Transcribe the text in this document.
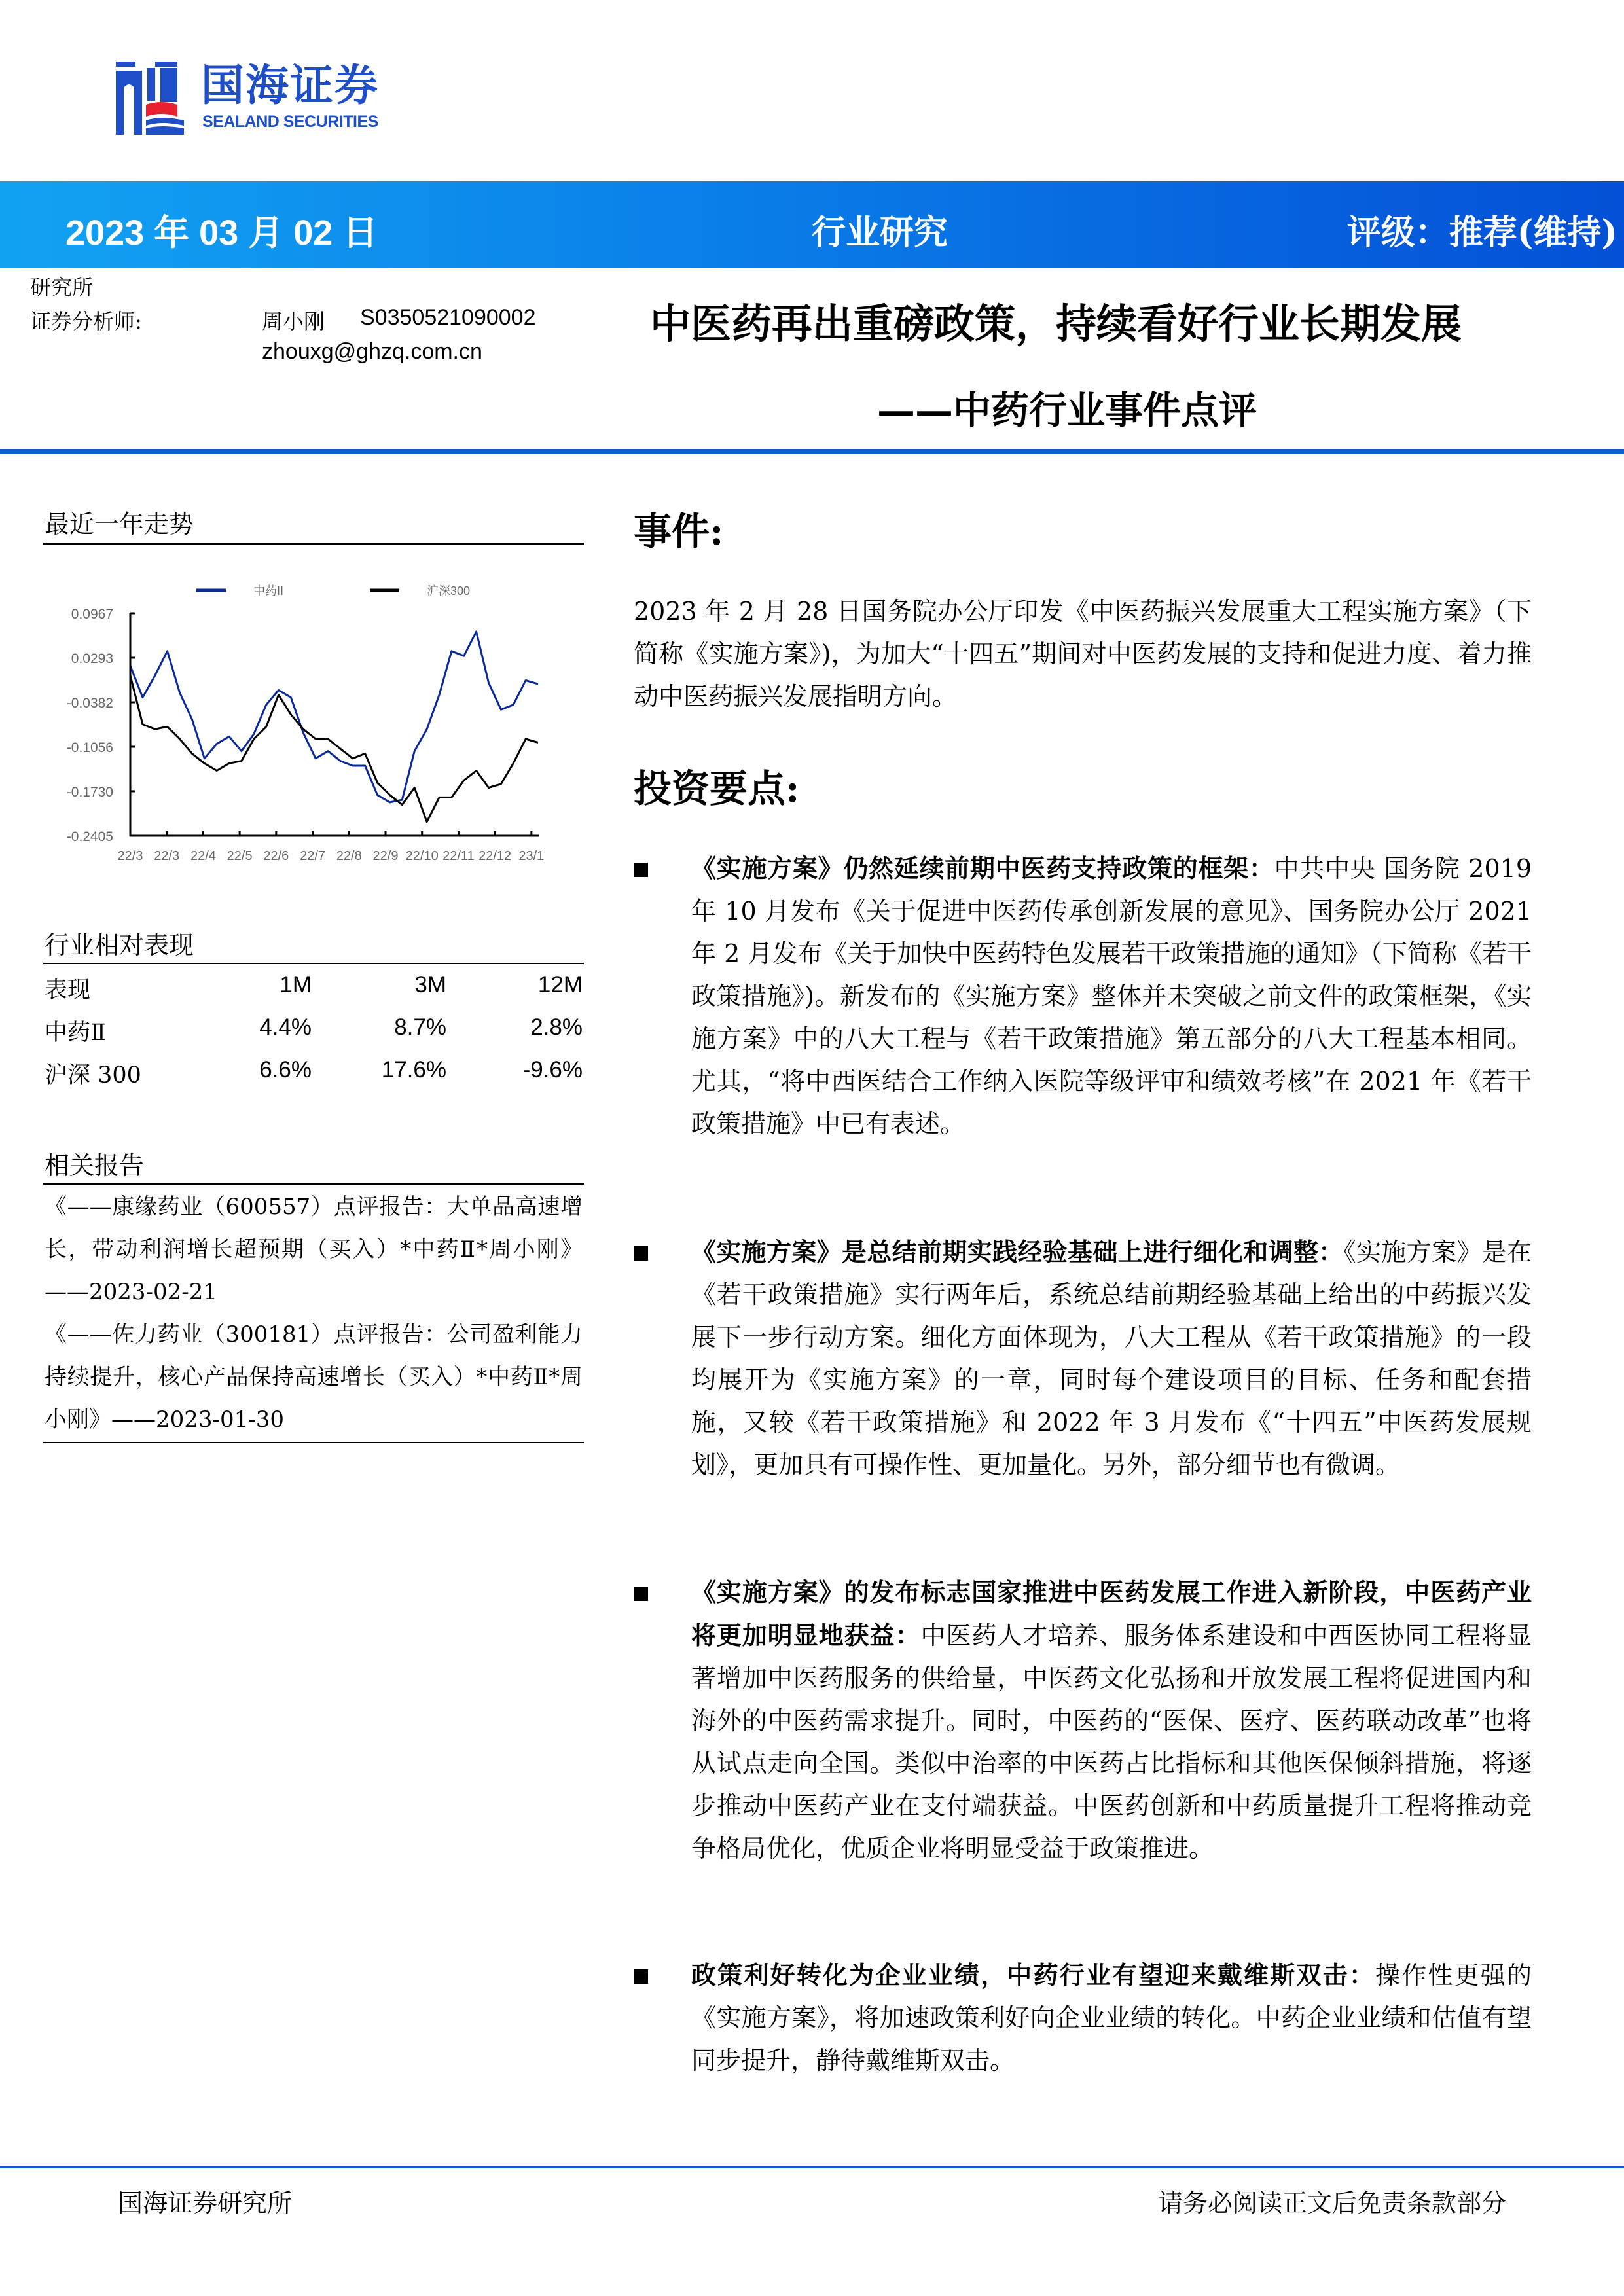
国海证券
SEALAND SECURITIES
2023 年 03 月 02 日	行业研究	评级：推荐(维持)
研究所
证券分析师:	周小刚 S0350521090002
zhouxg@ghzq.com.cn
中医药再出重磅政策，持续看好行业长期发展
——中药行业事件点评
最近一年走势
中药II	沪深300
0.0967
0.0293
-0.0382
-0.1056
-0.1730
-0.2405
22/3 22/3 22/4 22/5 22/6 22/7 22/8 22/9 22/10 22/11 22/12 23/1
行业相对表现
表现	1M	3M	12M
中药Ⅱ	4.4%	8.7%	2.8%
沪深 300	6.6%	17.6%	-9.6%
相关报告

《——康缘药业（600557）点评报告：大单品高速增长，带动利润增长超预期（买入）*中药Ⅱ*周小刚》——2023-02-21

《——佐力药业（300181）点评报告：公司盈利能力持续提升，核心产品保持高速增长（买入）*中药Ⅱ*周小刚》——2023-01-30

事件:
2023 年 2 月 28 日国务院办公厅印发《中医药振兴发展重大工程实施方案》（下简称《实施方案》)，为加大“十四五”期间对中医药发展的支持和促进力度、着力推动中医药振兴发展指明方向。
投资要点:
《实施方案》仍然延续前期中医药支持政策的框架：中共中央 国务院 2019 年 10 月发布《关于促进中医药传承创新发展的意见》、国务院办公厅 2021 年 2 月发布《关于加快中医药特色发展若干政策措施的通知》（下简称《若干政策措施》)。新发布的《实施方案》整体并未突破之前文件的政策框架，《实施方案》中的八大工程与《若干政策措施》第五部分的八大工程基本相同。尤其，“将中西医结合工作纳入医院等级评审和绩效考核”在 2021 年《若干政策措施》中已有表述。
《实施方案》是总结前期实践经验基础上进行细化和调整：《实施方案》是在《若干政策措施》实行两年后，系统总结前期经验基础上给出的中药振兴发展下一步行动方案。细化方面体现为，八大工程从《若干政策措施》的一段均展开为《实施方案》的一章，同时每个建设项目的目标、任务和配套措施，又较《若干政策措施》和 2022 年 3 月发布《“十四五”中医药发展规划》，更加具有可操作性、更加量化。另外，部分细节也有微调。
《实施方案》的发布标志国家推进中医药发展工作进入新阶段，中医药产业将更加明显地获益：中医药人才培养、服务体系建设和中西医协同工程将显著增加中医药服务的供给量，中医药文化弘扬和开放发展工程将促进国内和海外的中医药需求提升。同时，中医药的“医保、医疗、医药联动改革”也将从试点走向全国。类似中治率的中医药占比指标和其他医保倾斜措施，将逐步推动中医药产业在支付端获益。中医药创新和中药质量提升工程将推动竞争格局优化，优质企业将明显受益于政策推进。
政策利好转化为企业业绩，中药行业有望迎来戴维斯双击：操作性更强的《实施方案》，将加速政策利好向企业业绩的转化。中药企业业绩和估值有望同步提升，静待戴维斯双击。
国海证券研究所	请务必阅读正文后免责条款部分
